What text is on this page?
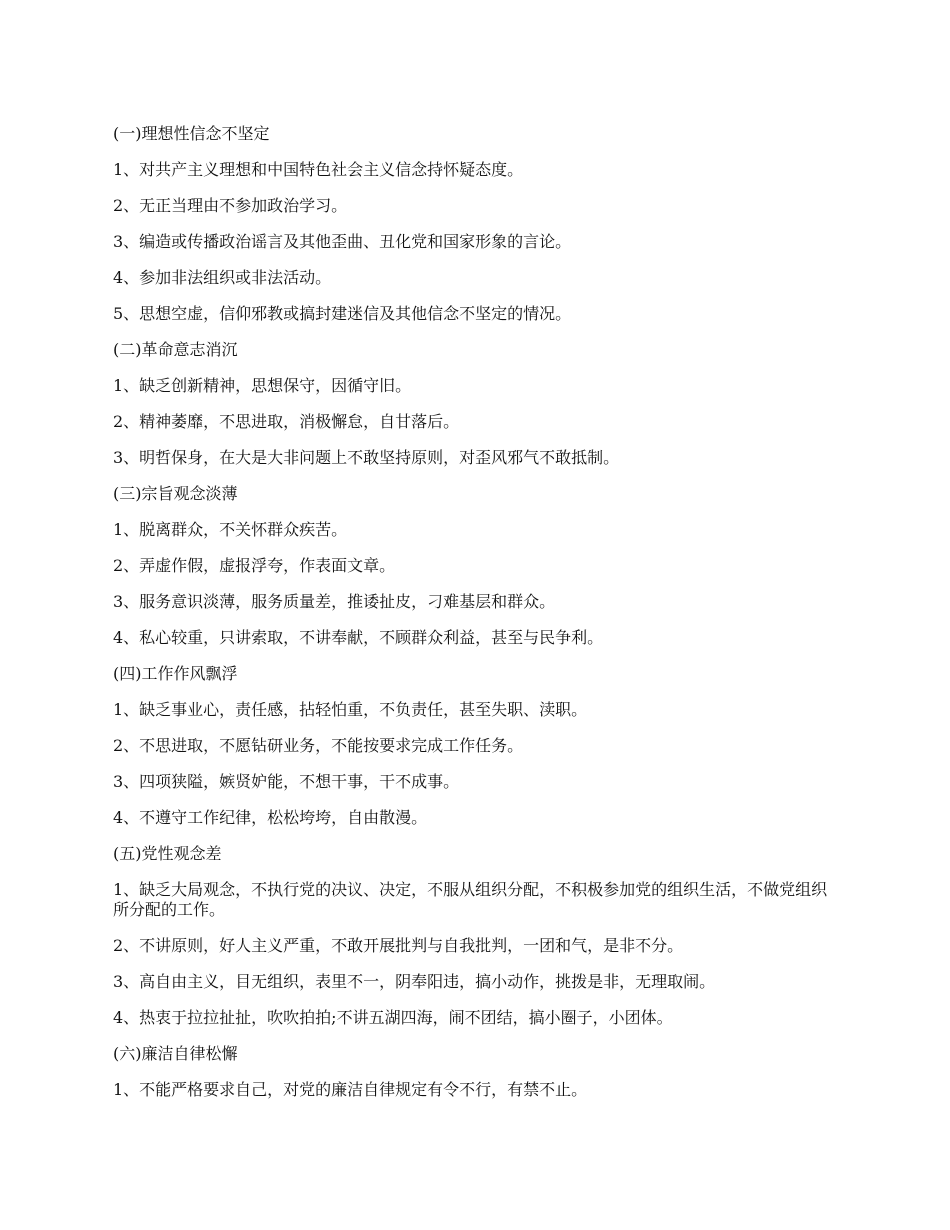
(一)理想性信念不坚定

1、对共产主义理想和中国特色社会主义信念持怀疑态度。

2、无正当理由不参加政治学习。

3、编造或传播政治谣言及其他歪曲、丑化党和国家形象的言论。

4、参加非法组织或非法活动。

5、思想空虚，信仰邪教或搞封建迷信及其他信念不坚定的情况。

(二)革命意志消沉

1、缺乏创新精神，思想保守，因循守旧。

2、精神萎靡，不思进取，消极懈怠，自甘落后。

3、明哲保身，在大是大非问题上不敢坚持原则，对歪风邪气不敢抵制。

(三)宗旨观念淡薄

1、脱离群众，不关怀群众疾苦。

2、弄虚作假，虚报浮夸，作表面文章。

3、服务意识淡薄，服务质量差，推诿扯皮，刁难基层和群众。

4、私心较重，只讲索取，不讲奉献，不顾群众利益，甚至与民争利。

(四)工作作风飘浮

1、缺乏事业心，责任感，拈轻怕重，不负责任，甚至失职、渎职。

2、不思进取，不愿钻研业务，不能按要求完成工作任务。

3、四项狭隘，嫉贤妒能，不想干事，干不成事。

4、不遵守工作纪律，松松垮垮，自由散漫。

(五)党性观念差

1、缺乏大局观念，不执行党的决议、决定，不服从组织分配，不积极参加党的组织生活，不做党组织所分配的工作。

2、不讲原则，好人主义严重，不敢开展批判与自我批判，一团和气，是非不分。

3、高自由主义，目无组织，表里不一，阴奉阳违，搞小动作，挑拨是非，无理取闹。

4、热衷于拉拉扯扯，吹吹拍拍;不讲五湖四海，闹不团结，搞小圈子，小团体。

(六)廉洁自律松懈

1、不能严格要求自己，对党的廉洁自律规定有令不行，有禁不止。
